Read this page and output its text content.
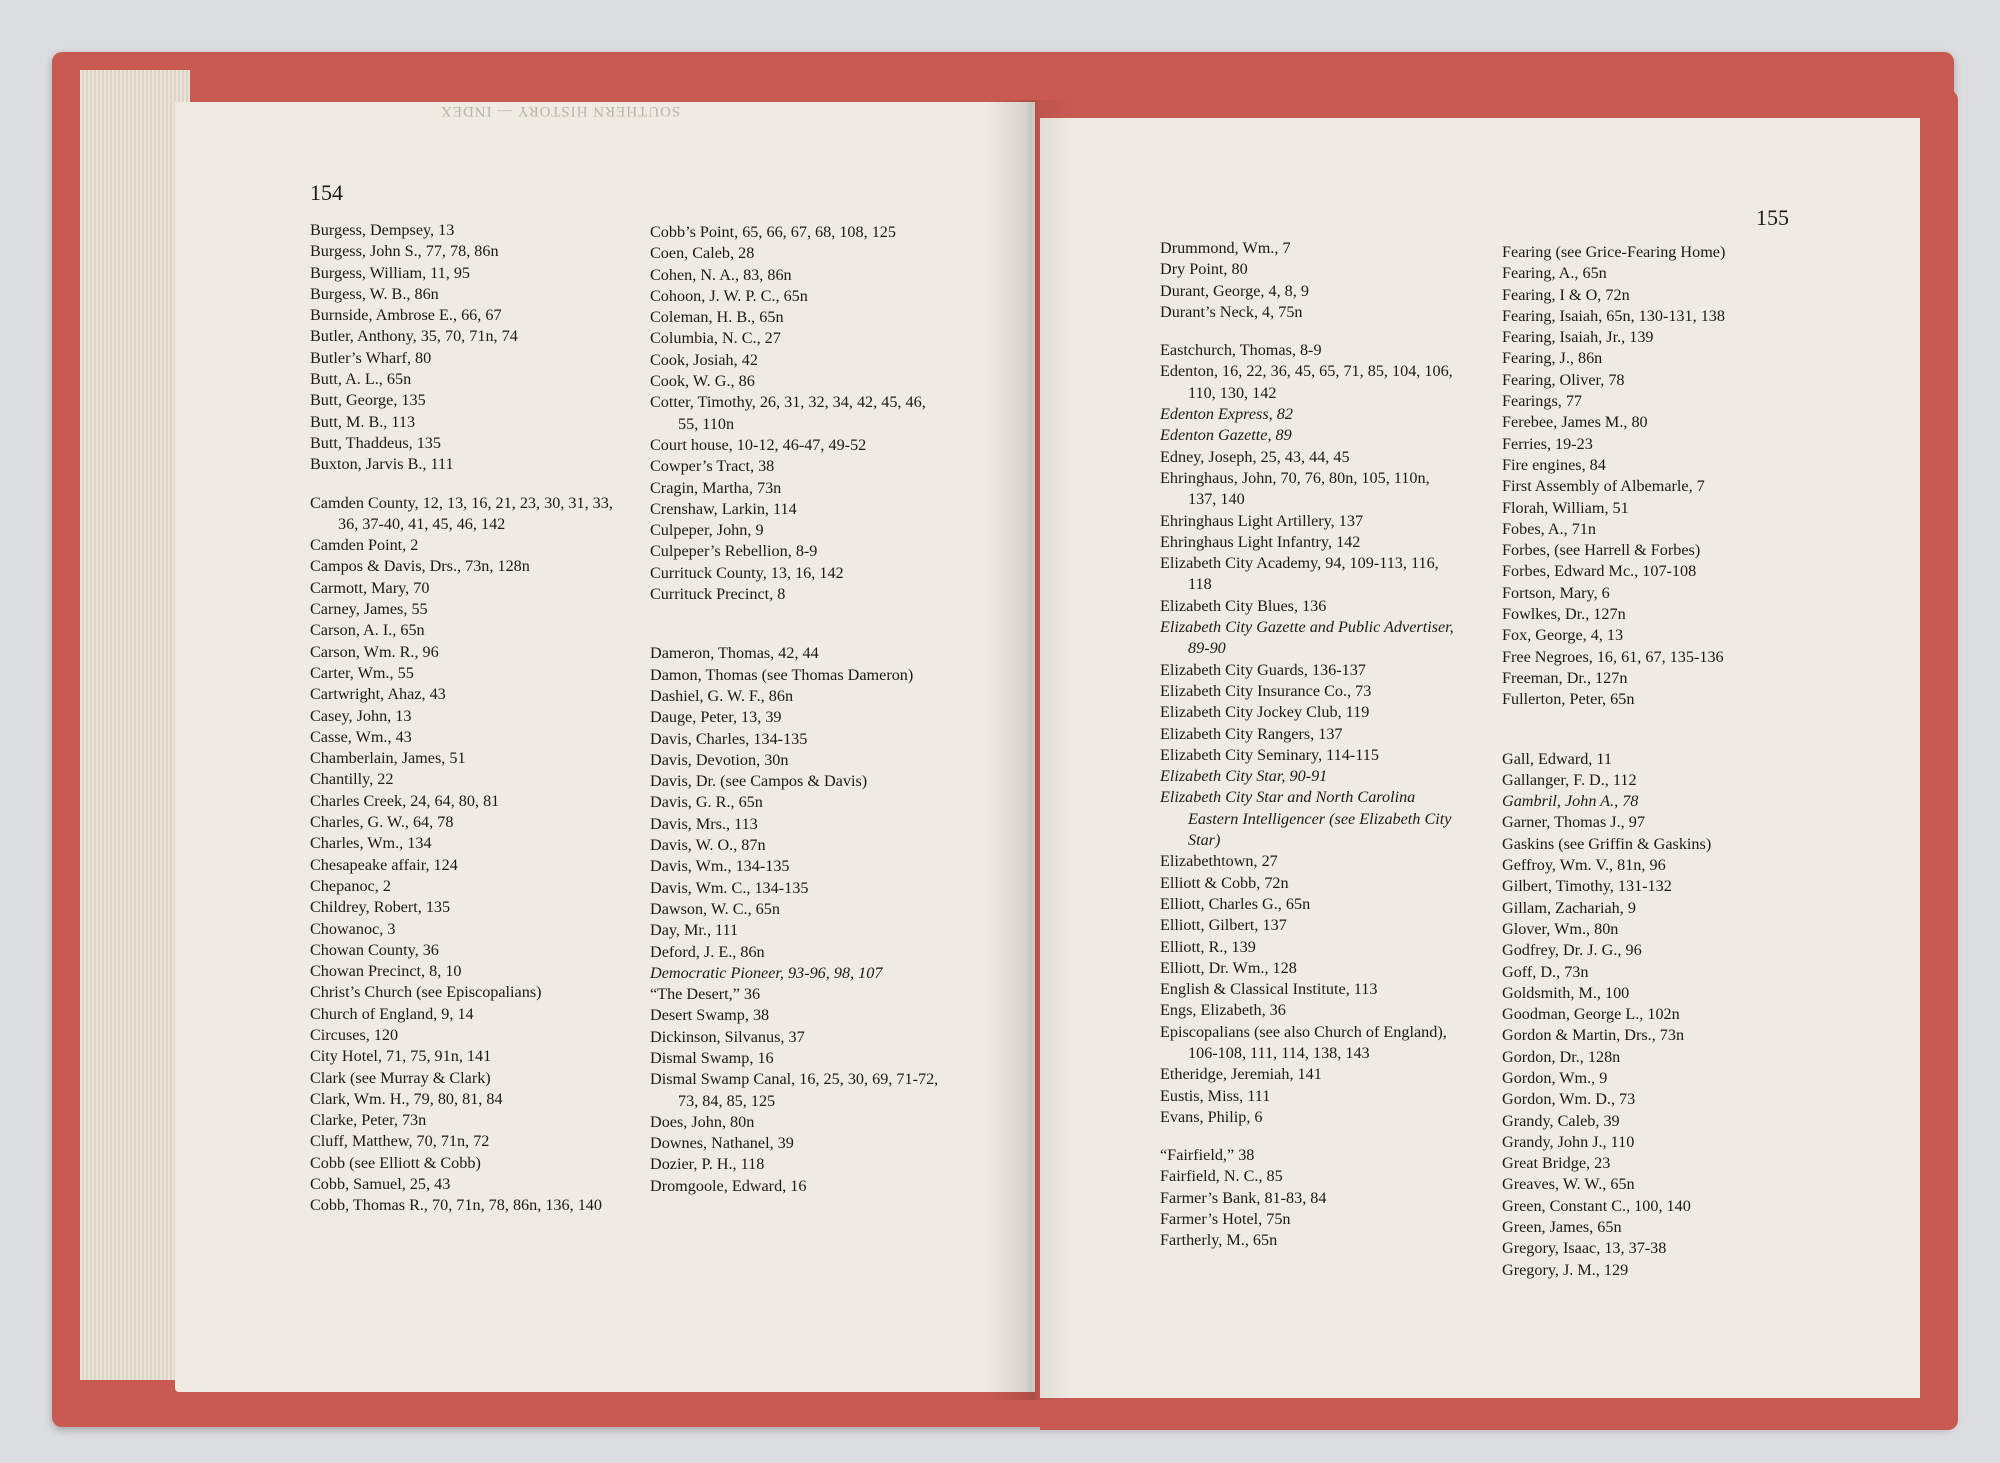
154
155
Burgess, Dempsey, 13
Burgess, John S., 77, 78, 86n
Burgess, William, 11, 95
Burgess, W. B., 86n
Burnside, Ambrose E., 66, 67
Butler, Anthony, 35, 70, 71n, 74
Butler’s Wharf, 80
Butt, A. L., 65n
Butt, George, 135
Butt, M. B., 113
Butt, Thaddeus, 135
Buxton, Jarvis B., 111
Camden County, 12, 13, 16, 21, 23, 30, 31, 33, 36, 37-40, 41, 45, 46, 142
Camden Point, 2
Campos & Davis, Drs., 73n, 128n
Carmott, Mary, 70
Carney, James, 55
Carson, A. I., 65n
Carson, Wm. R., 96
Carter, Wm., 55
Cartwright, Ahaz, 43
Casey, John, 13
Casse, Wm., 43
Chamberlain, James, 51
Chantilly, 22
Charles Creek, 24, 64, 80, 81
Charles, G. W., 64, 78
Charles, Wm., 134
Chesapeake affair, 124
Chepanoc, 2
Childrey, Robert, 135
Chowanoc, 3
Chowan County, 36
Chowan Precinct, 8, 10
Christ’s Church (see Episcopalians)
Church of England, 9, 14
Circuses, 120
City Hotel, 71, 75, 91n, 141
Clark (see Murray & Clark)
Clark, Wm. H., 79, 80, 81, 84
Clarke, Peter, 73n
Cluff, Matthew, 70, 71n, 72
Cobb (see Elliott & Cobb)
Cobb, Samuel, 25, 43
Cobb, Thomas R., 70, 71n, 78, 86n, 136, 140
Cobb’s Point, 65, 66, 67, 68, 108, 125
Coen, Caleb, 28
Cohen, N. A., 83, 86n
Cohoon, J. W. P. C., 65n
Coleman, H. B., 65n
Columbia, N. C., 27
Cook, Josiah, 42
Cook, W. G., 86
Cotter, Timothy, 26, 31, 32, 34, 42, 45, 46, 55, 110n
Court house, 10-12, 46-47, 49-52
Cowper’s Tract, 38
Cragin, Martha, 73n
Crenshaw, Larkin, 114
Culpeper, John, 9
Culpeper’s Rebellion, 8-9
Currituck County, 13, 16, 142
Currituck Precinct, 8
Dameron, Thomas, 42, 44
Damon, Thomas (see Thomas Dameron)
Dashiel, G. W. F., 86n
Dauge, Peter, 13, 39
Davis, Charles, 134-135
Davis, Devotion, 30n
Davis, Dr. (see Campos & Davis)
Davis, G. R., 65n
Davis, Mrs., 113
Davis, W. O., 87n
Davis, Wm., 134-135
Davis, Wm. C., 134-135
Dawson, W. C., 65n
Day, Mr., 111
Deford, J. E., 86n
Democratic Pioneer, 93-96, 98, 107
“The Desert,” 36
Desert Swamp, 38
Dickinson, Silvanus, 37
Dismal Swamp, 16
Dismal Swamp Canal, 16, 25, 30, 69, 71-72, 73, 84, 85, 125
Does, John, 80n
Downes, Nathanel, 39
Dozier, P. H., 118
Dromgoole, Edward, 16
Drummond, Wm., 7
Dry Point, 80
Durant, George, 4, 8, 9
Durant’s Neck, 4, 75n
Eastchurch, Thomas, 8-9
Edenton, 16, 22, 36, 45, 65, 71, 85, 104, 106, 110, 130, 142
Edenton Express, 82
Edenton Gazette, 89
Edney, Joseph, 25, 43, 44, 45
Ehringhaus, John, 70, 76, 80n, 105, 110n, 137, 140
Ehringhaus Light Artillery, 137
Ehringhaus Light Infantry, 142
Elizabeth City Academy, 94, 109-113, 116, 118
Elizabeth City Blues, 136
Elizabeth City Gazette and Public Advertiser, 89-90
Elizabeth City Guards, 136-137
Elizabeth City Insurance Co., 73
Elizabeth City Jockey Club, 119
Elizabeth City Rangers, 137
Elizabeth City Seminary, 114-115
Elizabeth City Star, 90-91
Elizabeth City Star and North Carolina Eastern Intelligencer (see Elizabeth City Star)
Elizabethtown, 27
Elliott & Cobb, 72n
Elliott, Charles G., 65n
Elliott, Gilbert, 137
Elliott, R., 139
Elliott, Dr. Wm., 128
English & Classical Institute, 113
Engs, Elizabeth, 36
Episcopalians (see also Church of England), 106-108, 111, 114, 138, 143
Etheridge, Jeremiah, 141
Eustis, Miss, 111
Evans, Philip, 6
“Fairfield,” 38
Fairfield, N. C., 85
Farmer’s Bank, 81-83, 84
Farmer’s Hotel, 75n
Fartherly, M., 65n
Fearing (see Grice-Fearing Home)
Fearing, A., 65n
Fearing, I & O, 72n
Fearing, Isaiah, 65n, 130-131, 138
Fearing, Isaiah, Jr., 139
Fearing, J., 86n
Fearing, Oliver, 78
Fearings, 77
Ferebee, James M., 80
Ferries, 19-23
Fire engines, 84
First Assembly of Albemarle, 7
Florah, William, 51
Fobes, A., 71n
Forbes, (see Harrell & Forbes)
Forbes, Edward Mc., 107-108
Fortson, Mary, 6
Fowlkes, Dr., 127n
Fox, George, 4, 13
Free Negroes, 16, 61, 67, 135-136
Freeman, Dr., 127n
Fullerton, Peter, 65n
Gall, Edward, 11
Gallanger, F. D., 112
Gambril, John A., 78
Garner, Thomas J., 97
Gaskins (see Griffin & Gaskins)
Geffroy, Wm. V., 81n, 96
Gilbert, Timothy, 131-132
Gillam, Zachariah, 9
Glover, Wm., 80n
Godfrey, Dr. J. G., 96
Goff, D., 73n
Goldsmith, M., 100
Goodman, George L., 102n
Gordon & Martin, Drs., 73n
Gordon, Dr., 128n
Gordon, Wm., 9
Gordon, Wm. D., 73
Grandy, Caleb, 39
Grandy, John J., 110
Great Bridge, 23
Greaves, W. W., 65n
Green, Constant C., 100, 140
Green, James, 65n
Gregory, Isaac, 13, 37-38
Gregory, J. M., 129
SOUTHERN HISTORY — INDEX
